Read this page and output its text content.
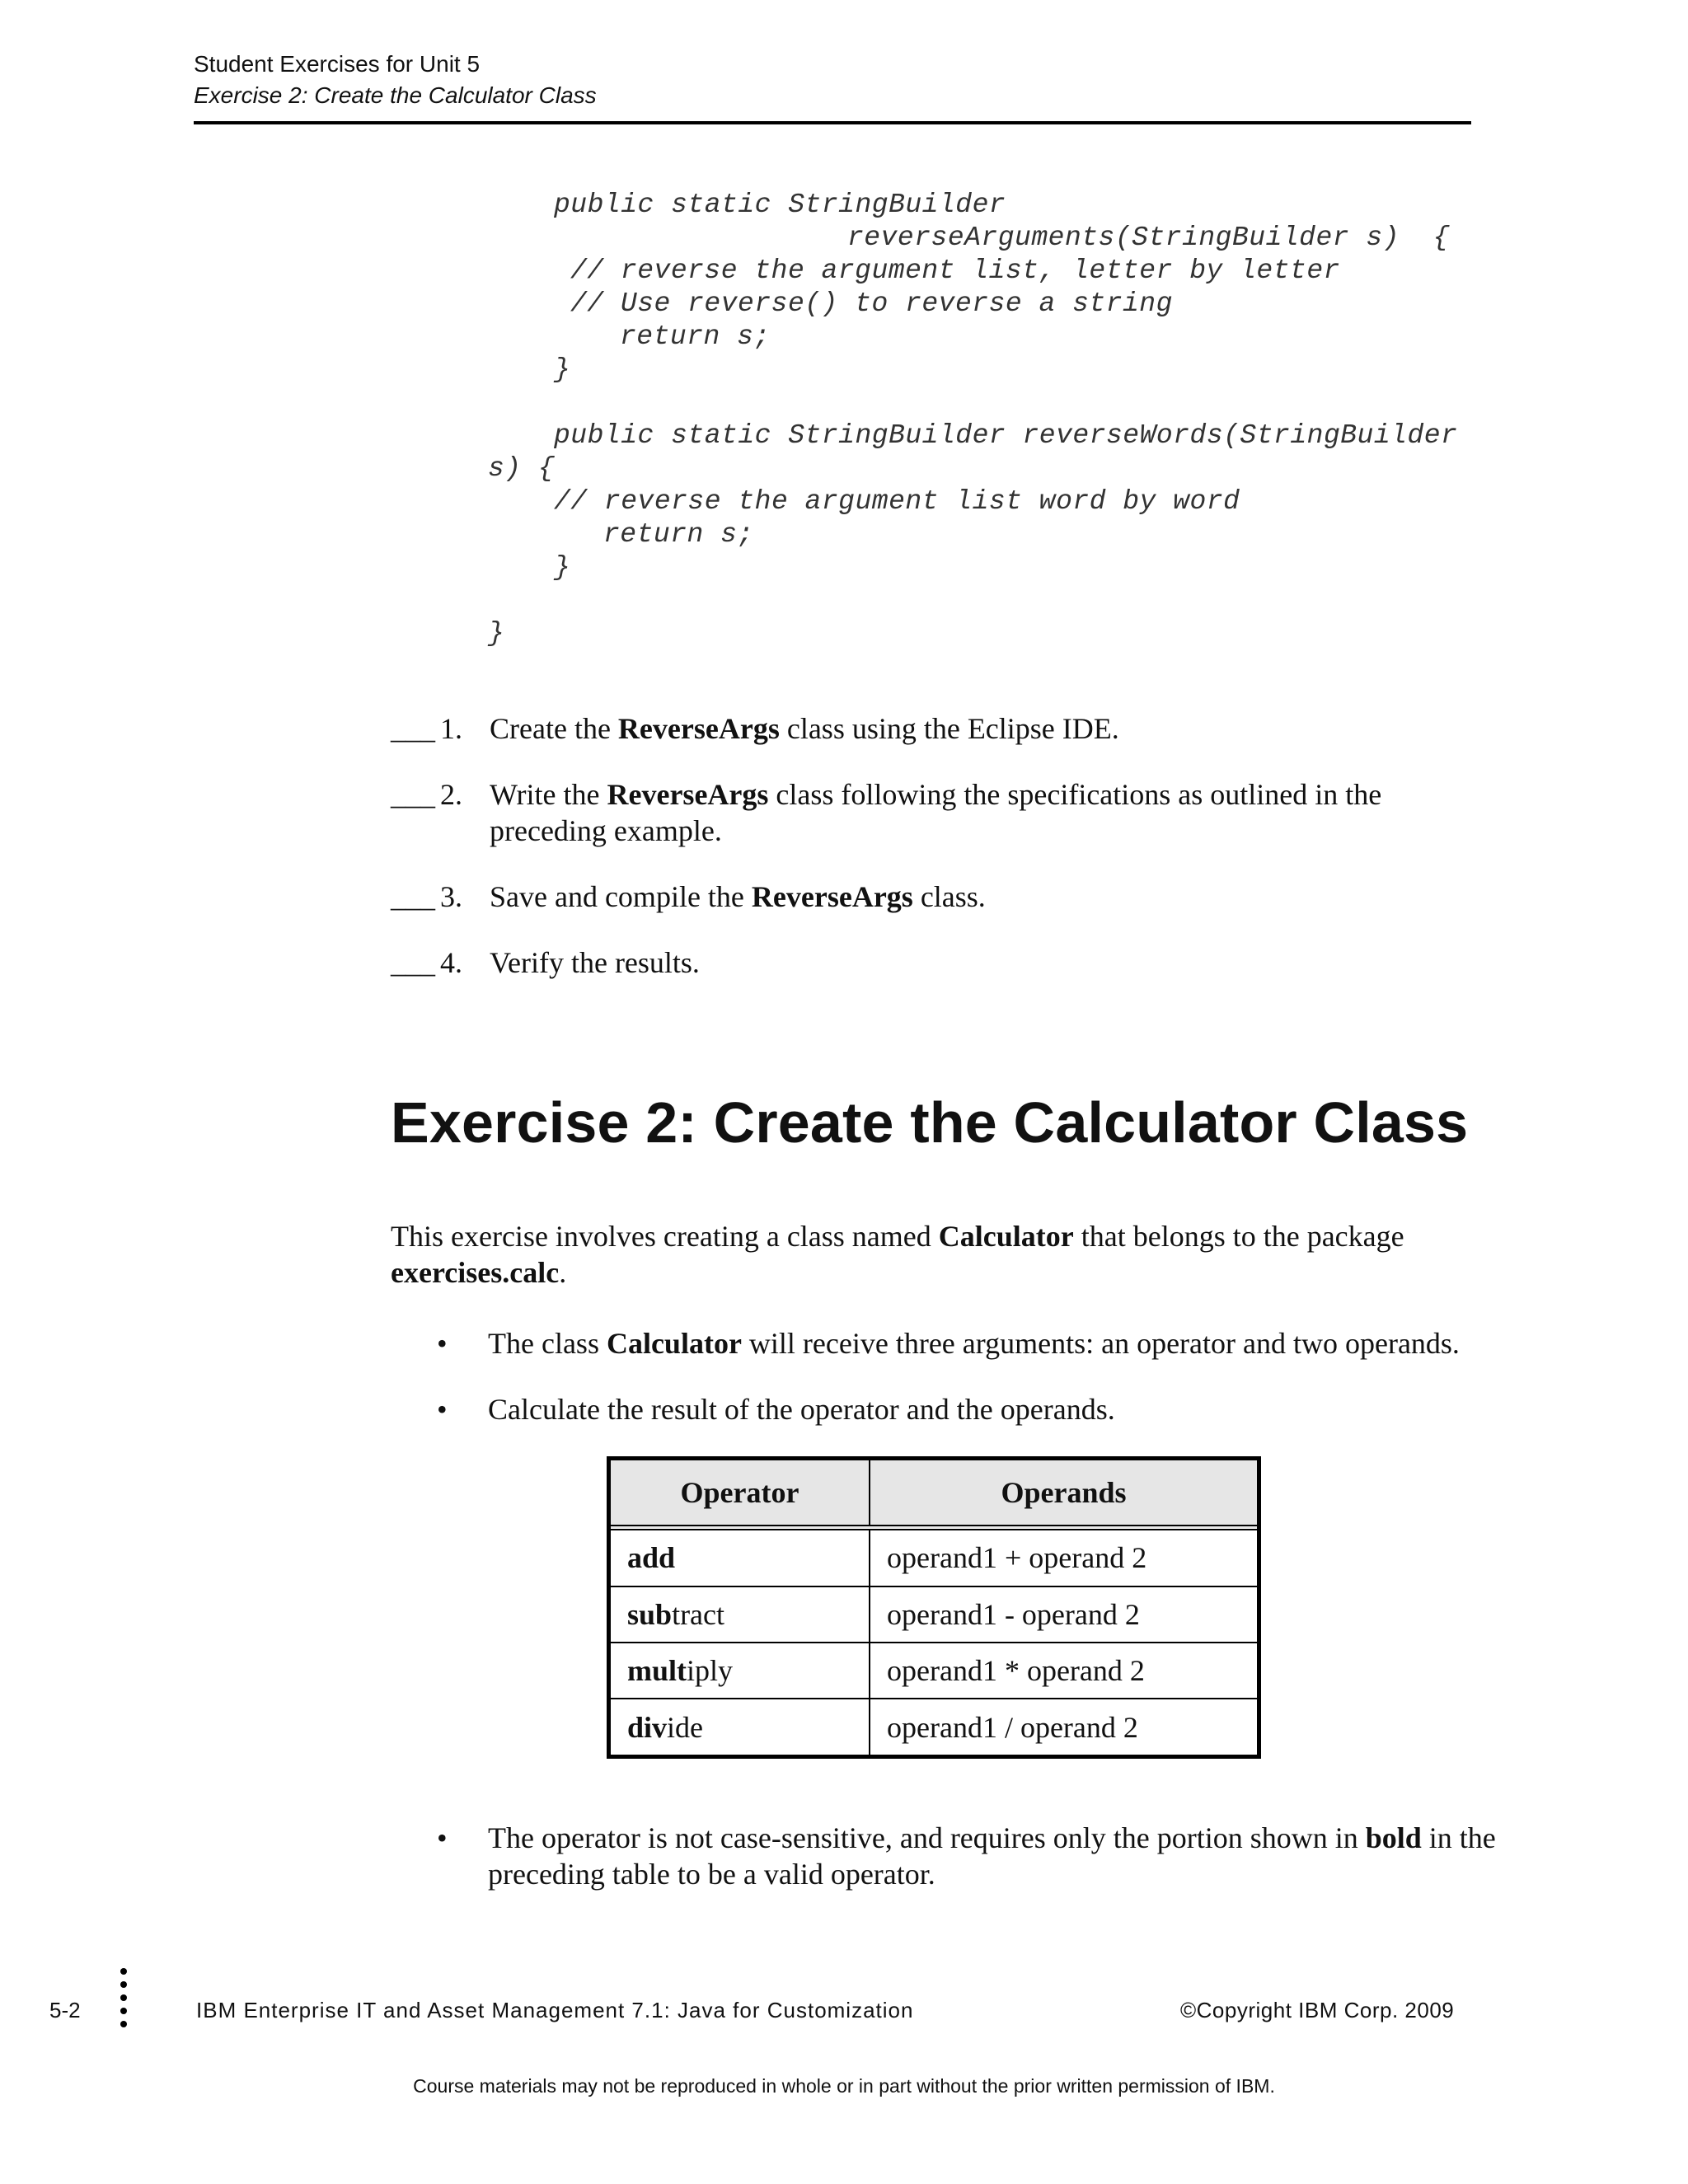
Student Exercises for Unit 5
Exercise 2: Create the Calculator Class
public static StringBuilder
reverseArguments(StringBuilder s)  {
// reverse the argument list, letter by letter
// Use reverse() to reverse a string
return s;
}
public static StringBuilder reverseWords(StringBuilder
s) {
// reverse the argument list word by word
return s;
}
}
___ 1. Create the ReverseArgs class using the Eclipse IDE.
___ 2. Write the ReverseArgs class following the specifications as outlined in the preceding example.
___ 3. Save and compile the ReverseArgs class.
___ 4. Verify the results.
Exercise 2: Create the Calculator Class
This exercise involves creating a class named Calculator that belongs to the package exercises.calc.
• The class Calculator will receive three arguments: an operator and two operands.
• Calculate the result of the operator and the operands.
Operator	Operands
add	operand1 + operand 2
subtract	operand1 - operand 2
multiply	operand1 * operand 2
divide	operand1 / operand 2
• The operator is not case-sensitive, and requires only the portion shown in bold in the preceding table to be a valid operator.
5-2	IBM Enterprise IT and Asset Management 7.1: Java for Customization	©Copyright IBM Corp. 2009
Course materials may not be reproduced in whole or in part without the prior written permission of IBM.
